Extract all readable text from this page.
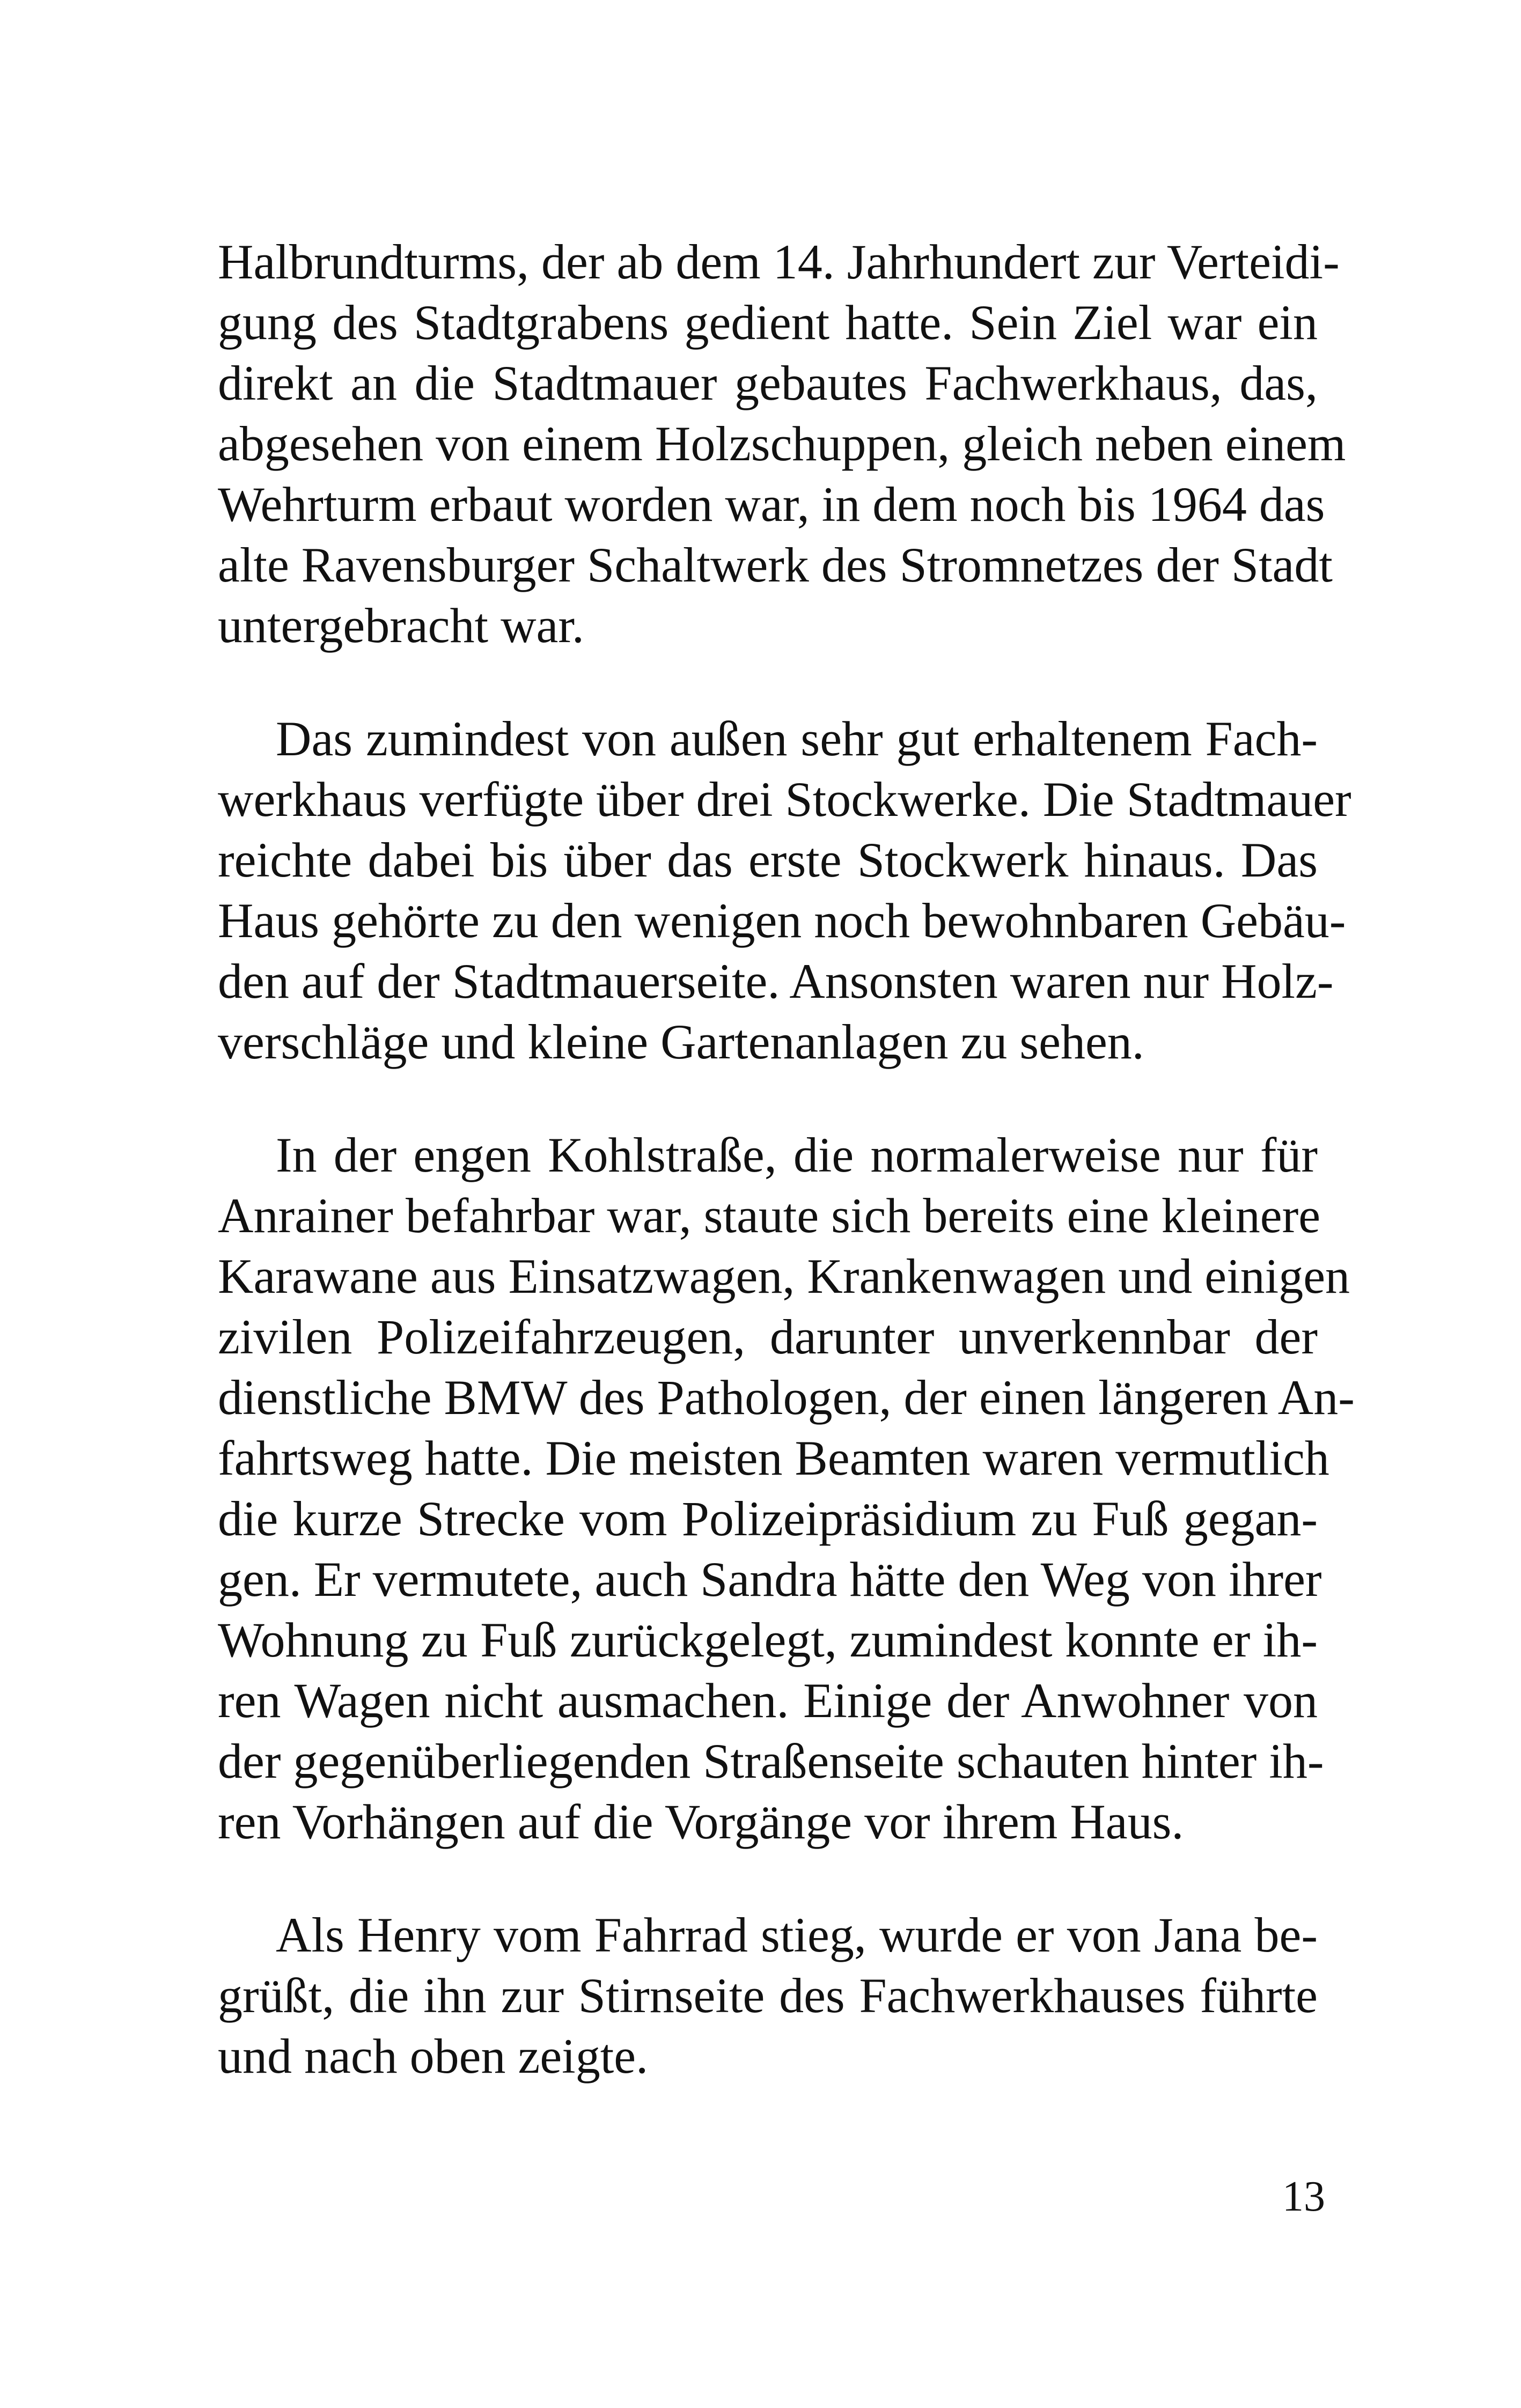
Halbrundturms, der ab dem 14. Jahrhundert zur Verteidi-
gung des Stadtgrabens gedient hatte. Sein Ziel war ein
direkt an die Stadtmauer gebautes Fachwerkhaus, das,
abgesehen von einem Holzschuppen, gleich neben einem
Wehrturm erbaut worden war, in dem noch bis 1964 das
alte Ravensburger Schaltwerk des Stromnetzes der Stadt
untergebracht war.
Das zumindest von außen sehr gut erhaltenem Fach-
werkhaus verfügte über drei Stockwerke. Die Stadtmauer
reichte dabei bis über das erste Stockwerk hinaus. Das
Haus gehörte zu den wenigen noch bewohnbaren Gebäu-
den auf der Stadtmauerseite. Ansonsten waren nur Holz-
verschläge und kleine Gartenanlagen zu sehen.
In der engen Kohlstraße, die normalerweise nur für
Anrainer befahrbar war, staute sich bereits eine kleinere
Karawane aus Einsatzwagen, Krankenwagen und einigen
zivilen Polizeifahrzeugen, darunter unverkennbar der
dienstliche BMW des Pathologen, der einen längeren An-
fahrtsweg hatte. Die meisten Beamten waren vermutlich
die kurze Strecke vom Polizeipräsidium zu Fuß gegan-
gen. Er vermutete, auch Sandra hätte den Weg von ihrer
Wohnung zu Fuß zurückgelegt, zumindest konnte er ih-
ren Wagen nicht ausmachen. Einige der Anwohner von
der gegenüberliegenden Straßenseite schauten hinter ih-
ren Vorhängen auf die Vorgänge vor ihrem Haus.
Als Henry vom Fahrrad stieg, wurde er von Jana be-
grüßt, die ihn zur Stirnseite des Fachwerkhauses führte
und nach oben zeigte.
13
